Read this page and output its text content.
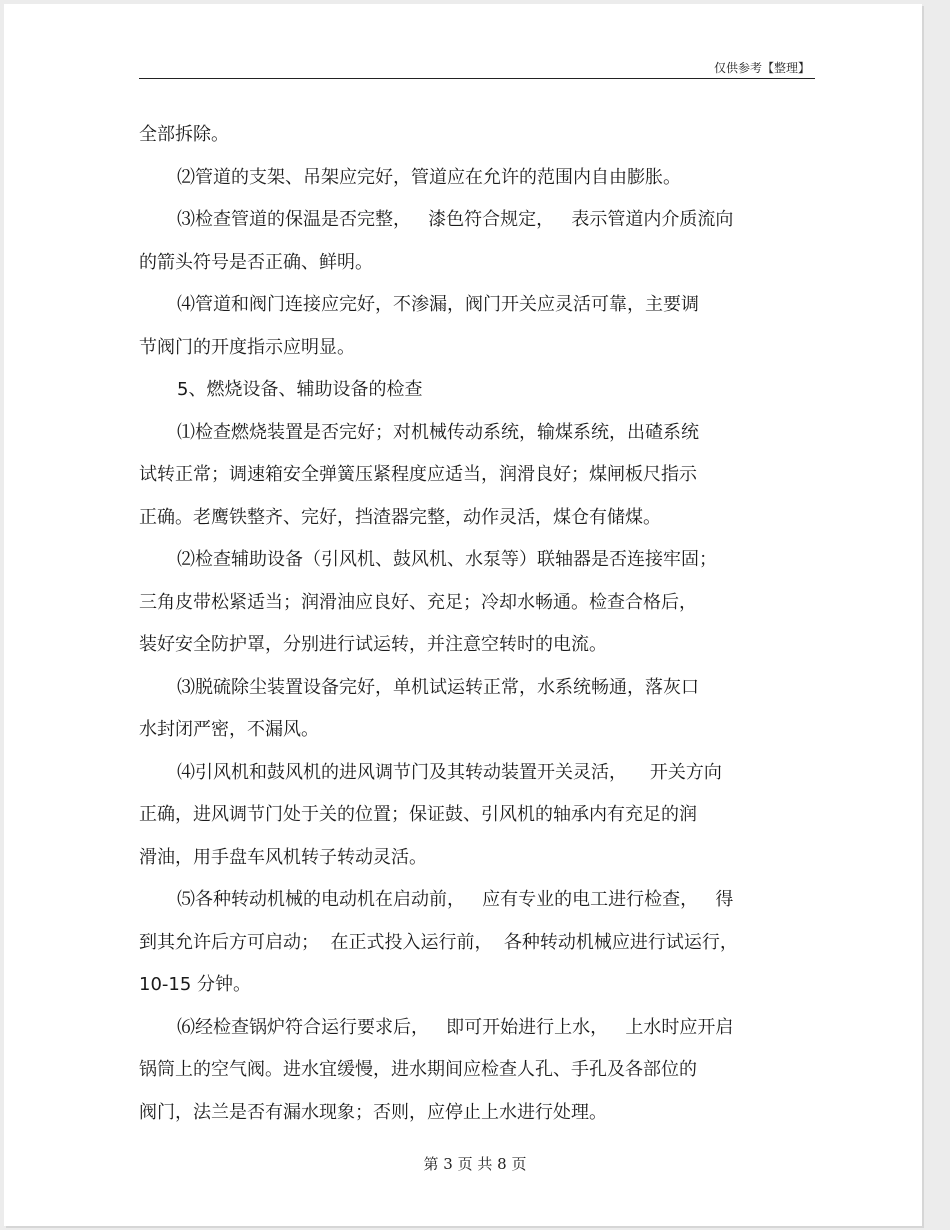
仅供参考【整理】
全部拆除。
⑵管道的支架、吊架应完好，管道应在允许的范围内自由膨胀。
⑶检查管道的保温是否完整，   漆色符合规定，   表示管道内介质流向
的箭头符号是否正确、鲜明。
⑷管道和阀门连接应完好，不渗漏，阀门开关应灵活可靠，主要调
节阀门的开度指示应明显。
5、燃烧设备、辅助设备的检查
⑴检查燃烧装置是否完好；对机械传动系统，输煤系统，出碴系统
试转正常；调速箱安全弹簧压紧程度应适当，润滑良好；煤闸板尺指示
正确。老鹰铁整齐、完好，挡渣器完整，动作灵活，煤仓有储煤。
⑵检查辅助设备（引风机、鼓风机、水泵等）联轴器是否连接牢固；
三角皮带松紧适当；润滑油应良好、充足；冷却水畅通。检查合格后，
装好安全防护罩，分别进行试运转，并注意空转时的电流。
⑶脱硫除尘装置设备完好，单机试运转正常，水系统畅通，落灰口
水封闭严密，不漏风。
⑷引风机和鼓风机的进风调节门及其转动装置开关灵活，    开关方向
正确，进风调节门处于关的位置；保证鼓、引风机的轴承内有充足的润
滑油，用手盘车风机转子转动灵活。
⑸各种转动机械的电动机在启动前，   应有专业的电工进行检查，   得
到其允许后方可启动；  在正式投入运行前，  各种转动机械应进行试运行，
10-15 分钟。
⑹经检查锅炉符合运行要求后，   即可开始进行上水，   上水时应开启
锅筒上的空气阀。进水宜缓慢，进水期间应检查人孔、手孔及各部位的
阀门，法兰是否有漏水现象；否则，应停止上水进行处理。
第 3 页 共 8 页
